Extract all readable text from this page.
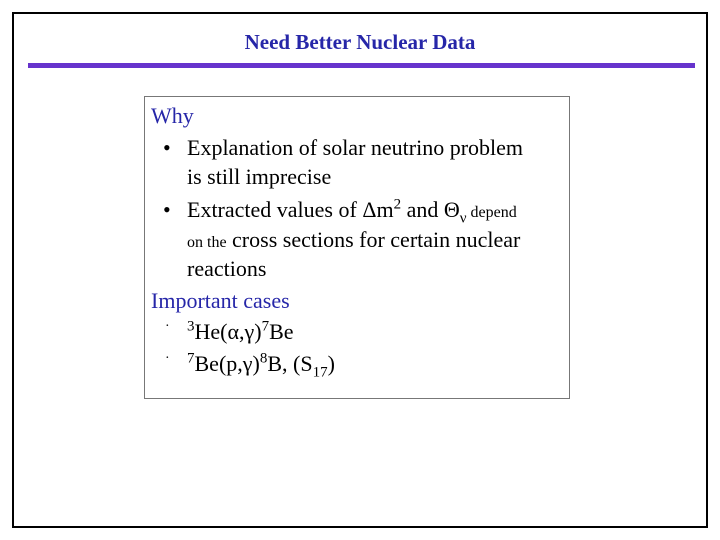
Need Better Nuclear Data
Why
• Explanation of solar neutrino problem
is still imprecise
• Extracted values of $\Delta m^2$ and $\Theta_\nu$ depend
on the cross sections for certain nuclear
reactions
Important cases
· $^3He(\alpha,\gamma)^7Be$
· $^7Be(p,\gamma)^8B$, $(S_{17})$
